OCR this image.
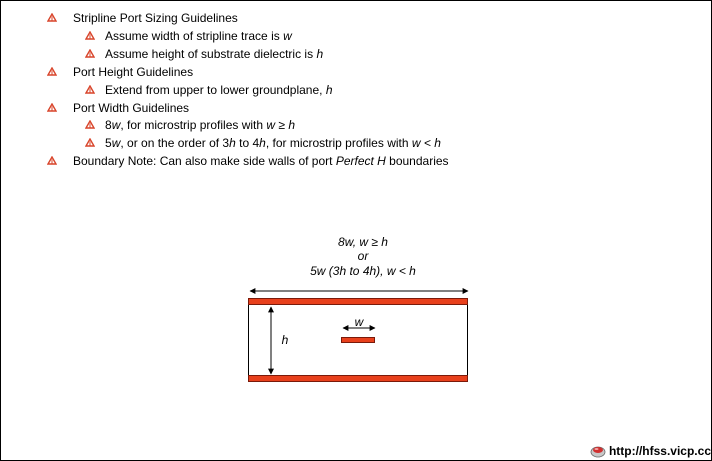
Stripline Port Sizing Guidelines
Assume width of stripline trace is w
Assume height of substrate dielectric is h
Port Height Guidelines
Extend from upper to lower groundplane, h
Port Width Guidelines
8w, for microstrip profiles with w ≥ h
5w, or on the order of 3h to 4h, for microstrip profiles with w < h
Boundary Note: Can also make side walls of port Perfect H boundaries
8w, w ≥ h
or
5w (3h to 4h), w < h
h
w
http://hfss.vicp.cc
